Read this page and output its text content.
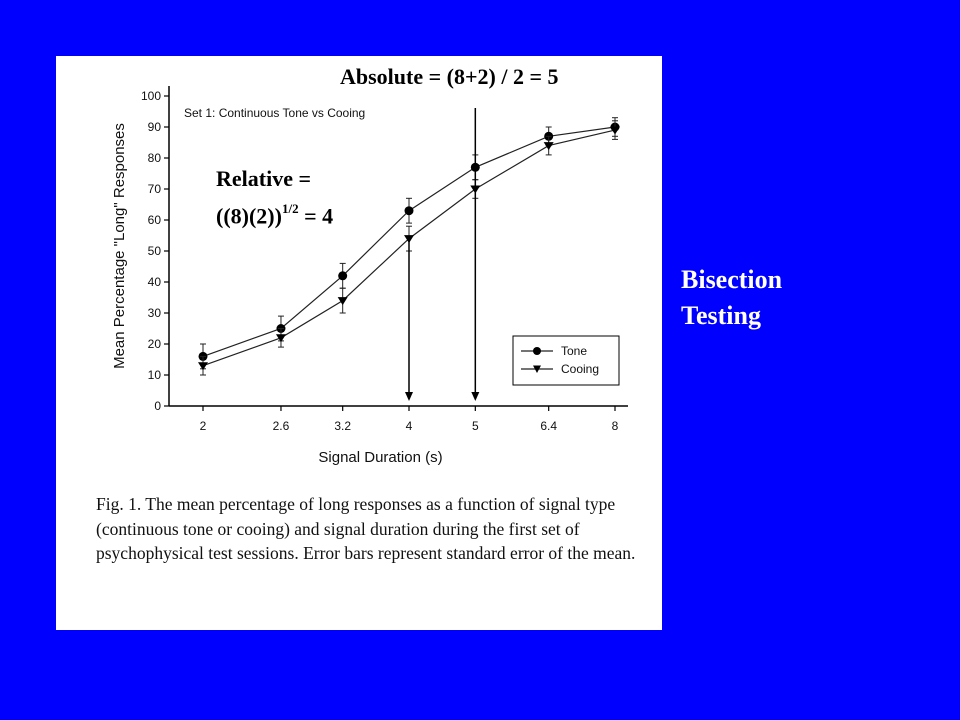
0
10
20
30
40
50
60
70
80
90
100
2	2.6	3.2	4	5	6.4	8
Signal Duration (s)
Mean Percentage "Long" Responses
Set 1: Continuous Tone vs Cooing
Tone
Cooing
Absolute = (8+2) / 2 = 5
Relative =
$((8)(2))^{1/2} = 4$
Bisection
Testing
Fig. 1. The mean percentage of long responses as a function of signal type (continuous tone or cooing) and signal duration during the first set of psychophysical test sessions. Error bars represent standard error of the mean.
